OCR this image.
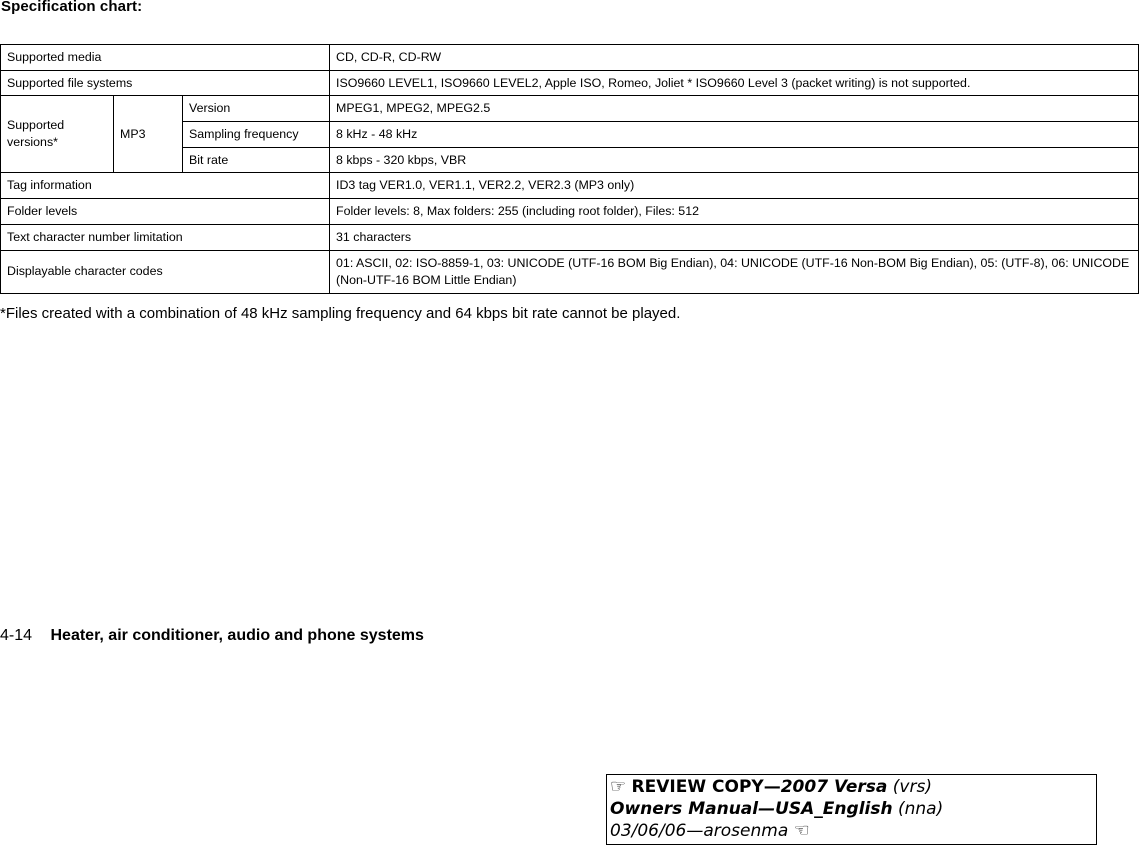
Specification chart:
Supported media			CD, CD-R, CD-RW
Supported file systems			ISO9660 LEVEL1, ISO9660 LEVEL2, Apple ISO, Romeo, Joliet * ISO9660 Level 3 (packet writing) is not supported.
Supported versions*	MP3	Version	MPEG1, MPEG2, MPEG2.5
		Sampling frequency	8 kHz - 48 kHz
		Bit rate	8 kbps - 320 kbps, VBR
Tag information			ID3 tag VER1.0, VER1.1, VER2.2, VER2.3 (MP3 only)
Folder levels			Folder levels: 8, Max folders: 255 (including root folder), Files: 512
Text character number limitation			31 characters
Displayable character codes			01: ASCII, 02: ISO-8859-1, 03: UNICODE (UTF-16 BOM Big Endian), 04: UNICODE (UTF-16 Non-BOM Big Endian), 05: (UTF-8), 06: UNICODE (Non-UTF-16 BOM Little Endian)
*Files created with a combination of 48 kHz sampling frequency and 64 kbps bit rate cannot be played.
4-14 Heater, air conditioner, audio and phone systems
☞ REVIEW COPY—2007 Versa (vrs)
Owners Manual—USA_English (nna)
03/06/06—arosenma ☜
